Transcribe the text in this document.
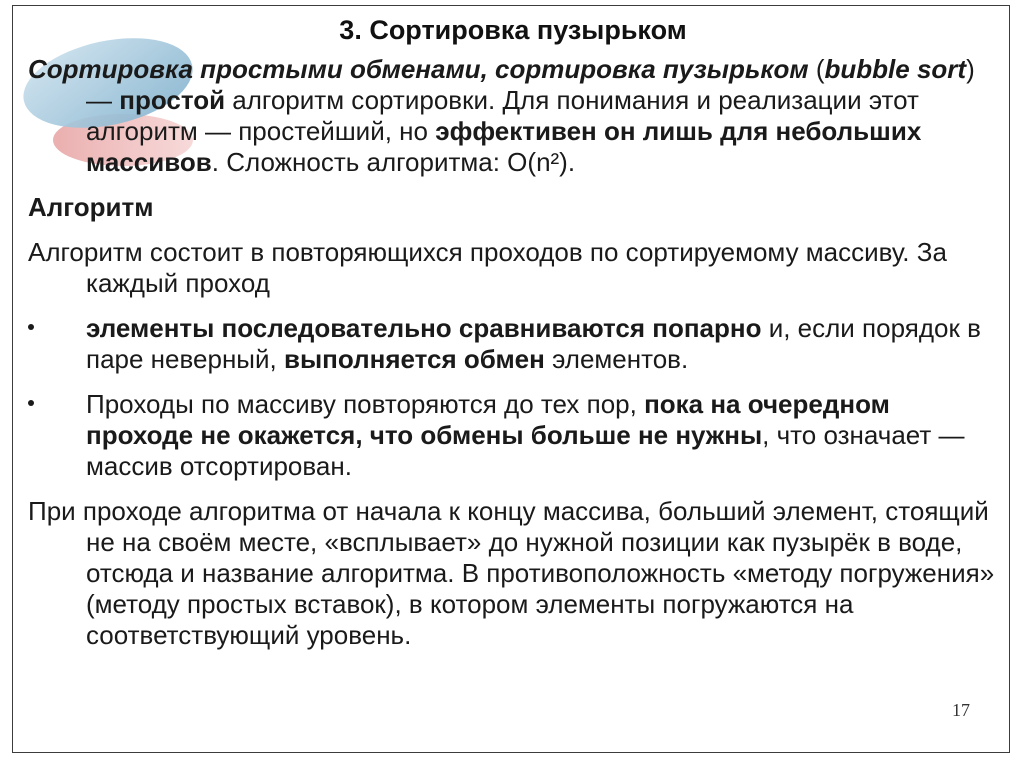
3. Сортировка пузырьком

Сортировка простыми обменами, сортировка пузырьком (bubble sort) — простой алгоритм сортировки. Для понимания и реализации этот алгоритм — простейший, но эффективен он лишь для небольших массивов. Сложность алгоритма: O(n²).

Алгоритм

Алгоритм состоит в повторяющихся проходов по сортируемому массиву. За каждый проход

элементы последовательно сравниваются попарно и, если порядок в паре неверный, выполняется обмен элементов.
Проходы по массиву повторяются до тех пор, пока на очередном проходе не окажется, что обмены больше не нужны, что означает — массив отсортирован.

При проходе алгоритма от начала к концу массива, больший элемент, стоящий не на своём месте, «всплывает» до нужной позиции как пузырёк в воде, отсюда и название алгоритма. В противоположность «методу погружения» (методу простых вставок), в котором элементы погружаются на соответствующий уровень.

17
